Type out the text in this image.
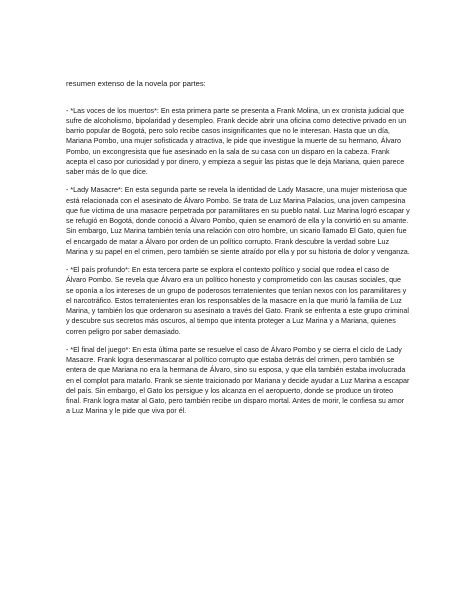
resumen extenso de la novela por partes:

- *Las voces de los muertos*: En esta primera parte se presenta a Frank Molina, un ex cronista judicial que sufre de alcoholismo, bipolaridad y desempleo. Frank decide abrir una oficina como detective privado en un barrio popular de Bogotá, pero solo recibe casos insignificantes que no le interesan. Hasta que un día, Mariana Pombo, una mujer sofisticada y atractiva, le pide que investigue la muerte de su hermano, Álvaro Pombo, un excongresista que fue asesinado en la sala de su casa con un disparo en la cabeza. Frank acepta el caso por curiosidad y por dinero, y empieza a seguir las pistas que le deja Mariana, quien parece saber más de lo que dice.

- *Lady Masacre*: En esta segunda parte se revela la identidad de Lady Masacre, una mujer misteriosa que está relacionada con el asesinato de Álvaro Pombo. Se trata de Luz Marina Palacios, una joven campesina que fue víctima de una masacre perpetrada por paramilitares en su pueblo natal. Luz Marina logró escapar y se refugió en Bogotá, donde conoció a Álvaro Pombo, quien se enamoró de ella y la convirtió en su amante. Sin embargo, Luz Marina también tenía una relación con otro hombre, un sicario llamado El Gato, quien fue el encargado de matar a Álvaro por orden de un político corrupto. Frank descubre la verdad sobre Luz Marina y su papel en el crimen, pero también se siente atraído por ella y por su historia de dolor y venganza.

- *El país profundo*: En esta tercera parte se explora el contexto político y social que rodea el caso de Álvaro Pombo. Se revela que Álvaro era un político honesto y comprometido con las causas sociales, que se oponía a los intereses de un grupo de poderosos terratenientes que tenían nexos con los paramilitares y el narcotráfico. Estos terratenientes eran los responsables de la masacre en la que murió la familia de Luz Marina, y también los que ordenaron su asesinato a través del Gato. Frank se enfrenta a este grupo criminal y descubre sus secretos más oscuros, al tiempo que intenta proteger a Luz Marina y a Mariana, quienes corren peligro por saber demasiado.

- *El final del juego*: En esta última parte se resuelve el caso de Álvaro Pombo y se cierra el ciclo de Lady Masacre. Frank logra desenmascarar al político corrupto que estaba detrás del crimen, pero también se entera de que Mariana no era la hermana de Álvaro, sino su esposa, y que ella también estaba involucrada en el complot para matarlo. Frank se siente traicionado por Mariana y decide ayudar a Luz Marina a escapar del país. Sin embargo, el Gato los persigue y los alcanza en el aeropuerto, donde se produce un tiroteo final. Frank logra matar al Gato, pero también recibe un disparo mortal. Antes de morir, le confiesa su amor a Luz Marina y le pide que viva por él.
